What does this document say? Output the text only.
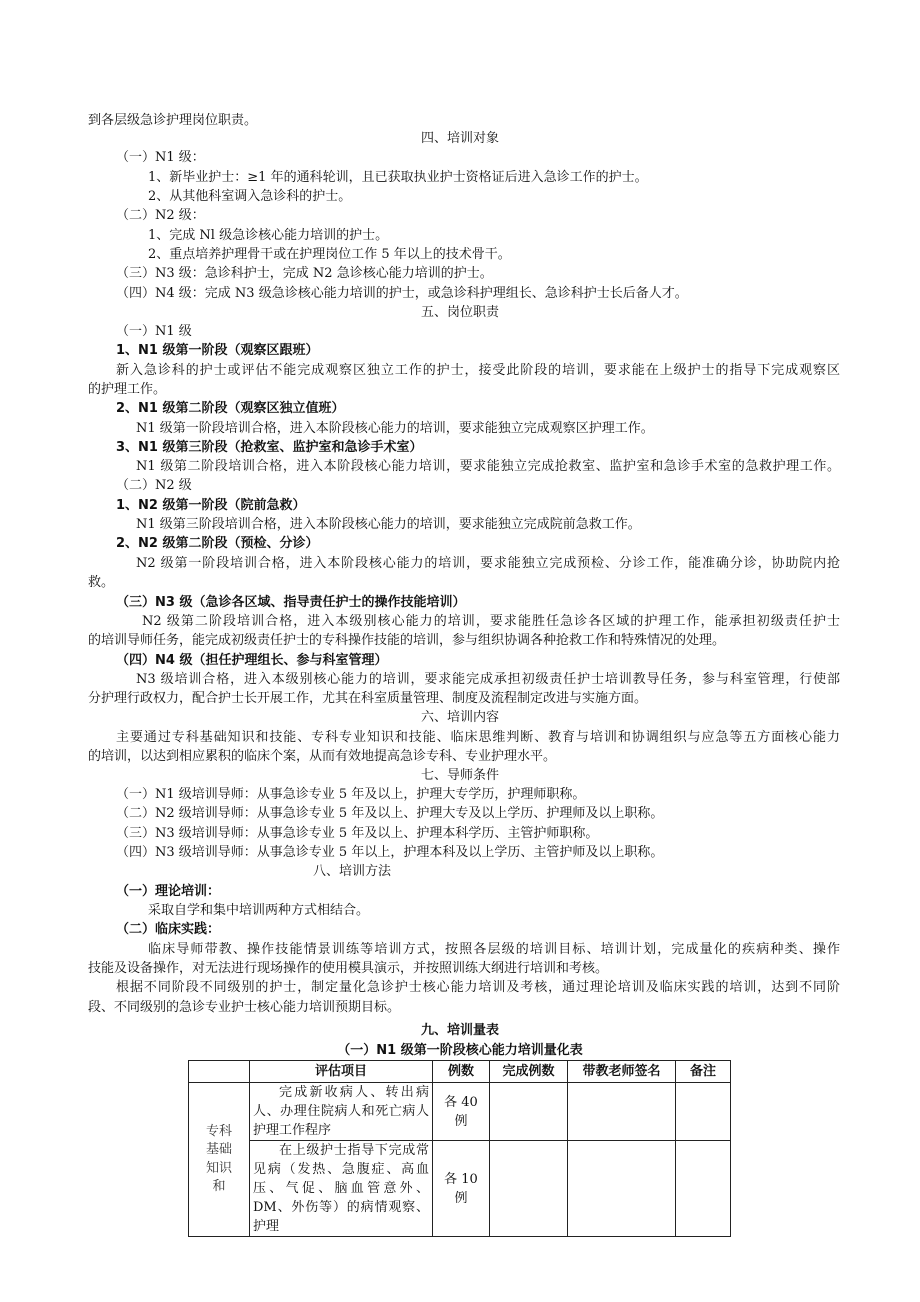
到各层级急诊护理岗位职责。
四、培训对象
（一）N1 级：
1、新毕业护士：≥1 年的通科轮训，且已获取执业护士资格证后进入急诊工作的护士。
2、从其他科室调入急诊科的护士。
（二）N2 级：
1、完成 Nl 级急诊核心能力培训的护士。
2、重点培养护理骨干或在护理岗位工作 5 年以上的技术骨干。
（三）N3 级：急诊科护士，完成 N2 急诊核心能力培训的护士。
（四）N4 级：完成 N3 级急诊核心能力培训的护士，或急诊科护理组长、急诊科护士长后备人才。
五、岗位职责
（一）N1 级
1、N1 级第一阶段（观察区跟班）
新入急诊科的护士或评估不能完成观察区独立工作的护士，接受此阶段的培训，要求能在上级护士的指导下完成观察区
的护理工作。
2、N1 级第二阶段（观察区独立值班）
N1 级第一阶段培训合格，进入本阶段核心能力的培训，要求能独立完成观察区护理工作。
3、N1 级第三阶段（抢救室、监护室和急诊手术室）
N1 级第二阶段培训合格，进入本阶段核心能力培训，要求能独立完成抢救室、监护室和急诊手术室的急救护理工作。
（二）N2 级
1、N2 级第一阶段（院前急救）
N1 级第三阶段培训合格，进入本阶段核心能力的培训，要求能独立完成院前急救工作。
2、N2 级第二阶段（预检、分诊）
N2 级第一阶段培训合格，进入本阶段核心能力的培训，要求能独立完成预检、分诊工作，能准确分诊，协助院内抢
救。
（三）N3 级（急诊各区域、指导责任护士的操作技能培训）
N2 级第二阶段培训合格，进入本级别核心能力的培训，要求能胜任急诊各区域的护理工作，能承担初级责任护士
的培训导师任务，能完成初级责任护士的专科操作技能的培训，参与组织协调各种抢救工作和特殊情况的处理。
（四）N4 级（担任护理组长、参与科室管理）
N3 级培训合格，进入本级别核心能力的培训，要求能完成承担初级责任护士培训教导任务，参与科室管理，行使部
分护理行政权力，配合护士长开展工作，尤其在科室质量管理、制度及流程制定改进与实施方面。
六、培训内容
主要通过专科基础知识和技能、专科专业知识和技能、临床思维判断、教育与培训和协调组织与应急等五方面核心能力
的培训，以达到相应累积的临床个案，从而有效地提高急诊专科、专业护理水平。
七、导师条件
（一）N1 级培训导师：从事急诊专业 5 年及以上，护理大专学历，护理师职称。
（二）N2 级培训导师：从事急诊专业 5 年及以上、护理大专及以上学历、护理师及以上职称。
（三）N3 级培训导师：从事急诊专业 5 年及以上、护理本科学历、主管护师职称。
（四）N3 级培训导师：从事急诊专业 5 年以上，护理本科及以上学历、主管护师及以上职称。
八、培训方法
（一）理论培训：
采取自学和集中培训两种方式相结合。
（二）临床实践：
临床导师带教、操作技能情景训练等培训方式，按照各层级的培训目标、培训计划，完成量化的疾病种类、操作
技能及设备操作，对无法进行现场操作的使用模具演示，并按照训练大纲进行培训和考核。
根据不同阶段不同级别的护士，制定量化急诊护士核心能力培训及考核，通过理论培训及临床实践的培训，达到不同阶
段、不同级别的急诊专业护士核心能力培训预期目标。
九、培训量表
（一）N1 级第一阶段核心能力培训量化表
	评估项目	例数	完成例数	带教老师签名	备注
专科基础知识和	完成新收病人、转出病人、办理住院病人和死亡病人护理工作程序	各 40 例			
	在上级护士指导下完成常见病（发热、急腹症、高血压、气促、脑血管意外、DM、外伤等）的病情观察、护理	各 10 例			
